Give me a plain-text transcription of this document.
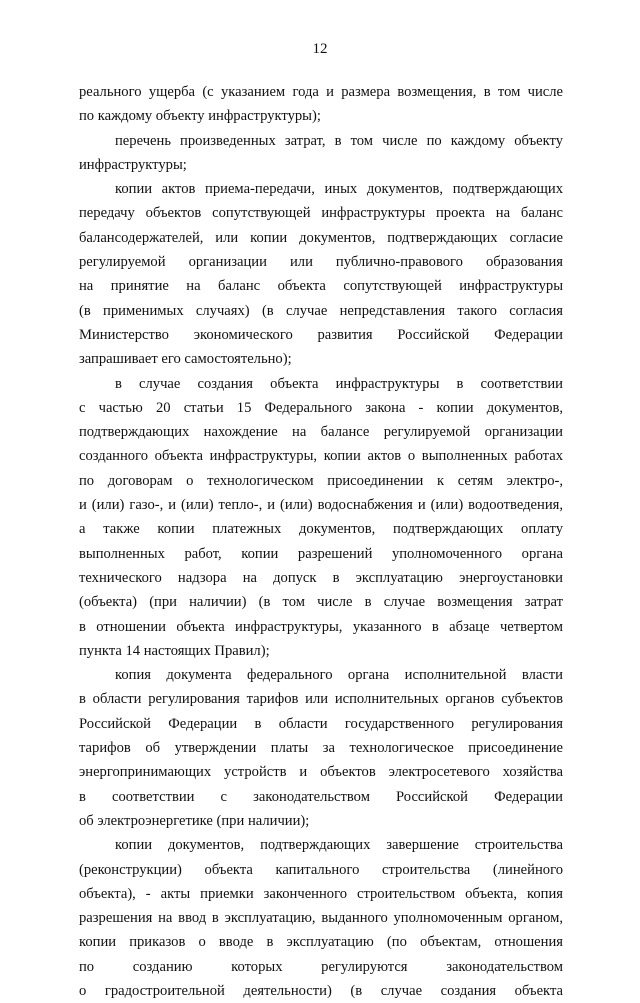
12
реального ущерба (с указанием года и размера возмещения, в том числе
по каждому объекту инфраструктуры);
перечень произведенных затрат, в том числе по каждому объекту
инфраструктуры;
копии актов приема-передачи, иных документов, подтверждающих
передачу объектов сопутствующей инфраструктуры проекта на баланс
балансодержателей, или копии документов, подтверждающих согласие
регулируемой организации или публично-правового образования
на принятие на баланс объекта сопутствующей инфраструктуры
(в применимых случаях) (в случае непредставления такого согласия
Министерство экономического развития Российской Федерации
запрашивает его самостоятельно);
в случае создания объекта инфраструктуры в соответствии
с частью 20 статьи 15 Федерального закона - копии документов,
подтверждающих нахождение на балансе регулируемой организации
созданного объекта инфраструктуры, копии актов о выполненных работах
по договорам о технологическом присоединении к сетям электро-,
и (или) газо-, и (или) тепло-, и (или) водоснабжения и (или) водоотведения,
а также копии платежных документов, подтверждающих оплату
выполненных работ, копии разрешений уполномоченного органа
технического надзора на допуск в эксплуатацию энергоустановки
(объекта) (при наличии) (в том числе в случае возмещения затрат
в отношении объекта инфраструктуры, указанного в абзаце четвертом
пункта 14 настоящих Правил);
копия документа федерального органа исполнительной власти
в области регулирования тарифов или исполнительных органов субъектов
Российской Федерации в области государственного регулирования
тарифов об утверждении платы за технологическое присоединение
энергопринимающих устройств и объектов электросетевого хозяйства
в соответствии с законодательством Российской Федерации
об электроэнергетике (при наличии);
копии документов, подтверждающих завершение строительства
(реконструкции) объекта капитального строительства (линейного
объекта), - акты приемки законченного строительством объекта, копия
разрешения на ввод в эксплуатацию, выданного уполномоченным органом,
копии приказов о вводе в эксплуатацию (по объектам, отношения
по созданию которых регулируются законодательством
о градостроительной деятельности) (в случае создания объекта
